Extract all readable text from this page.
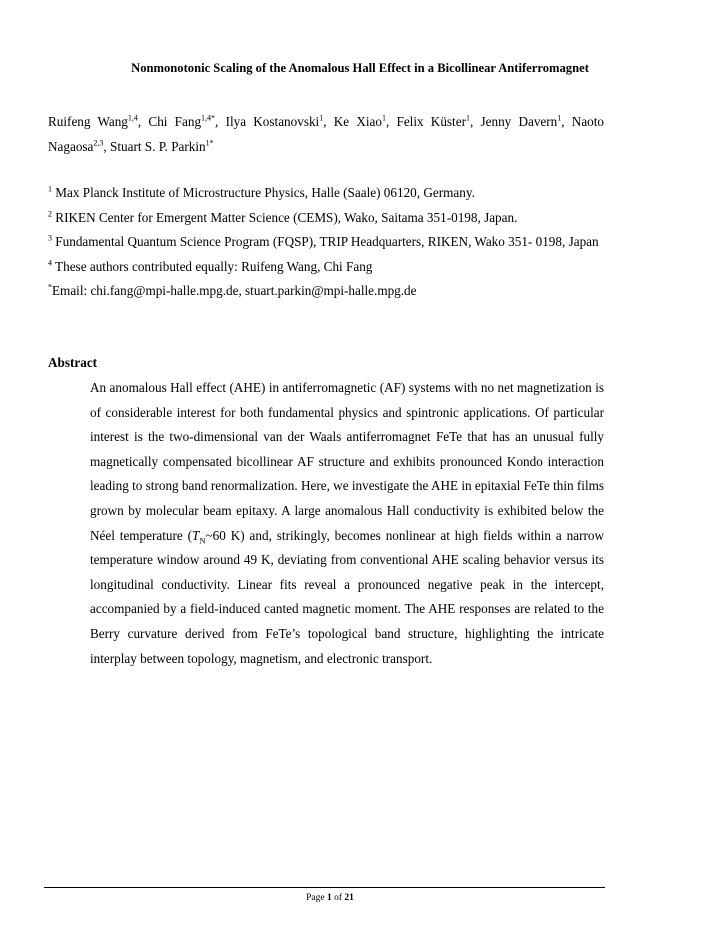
Nonmonotonic Scaling of the Anomalous Hall Effect in a Bicollinear Antiferromagnet
Ruifeng Wang$^{1,4}$, Chi Fang$^{1,4*}$, Ilya Kostanovski$^1$, Ke Xiao$^1$, Felix Küster$^1$, Jenny Davern$^1$, Naoto Nagaosa$^{2,3}$, Stuart S. P. Parkin$^{1*}$
$^1$ Max Planck Institute of Microstructure Physics, Halle (Saale) 06120, Germany.
$^2$ RIKEN Center for Emergent Matter Science (CEMS), Wako, Saitama 351-0198, Japan.
$^3$ Fundamental Quantum Science Program (FQSP), TRIP Headquarters, RIKEN, Wako 351- 0198, Japan
$^4$ These authors contributed equally: Ruifeng Wang, Chi Fang
*Email: chi.fang@mpi-halle.mpg.de, stuart.parkin@mpi-halle.mpg.de
Abstract
An anomalous Hall effect (AHE) in antiferromagnetic (AF) systems with no net magnetization is of considerable interest for both fundamental physics and spintronic applications. Of particular interest is the two-dimensional van der Waals antiferromagnet FeTe that has an unusual fully magnetically compensated bicollinear AF structure and exhibits pronounced Kondo interaction leading to strong band renormalization. Here, we investigate the AHE in epitaxial FeTe thin films grown by molecular beam epitaxy. A large anomalous Hall conductivity is exhibited below the Néel temperature ($T_N\sim 60$ K) and, strikingly, becomes nonlinear at high fields within a narrow temperature window around 49 K, deviating from conventional AHE scaling behavior versus its longitudinal conductivity. Linear fits reveal a pronounced negative peak in the intercept, accompanied by a field-induced canted magnetic moment. The AHE responses are related to the Berry curvature derived from FeTe’s topological band structure, highlighting the intricate interplay between topology, magnetism, and electronic transport.
Page 1 of 21
